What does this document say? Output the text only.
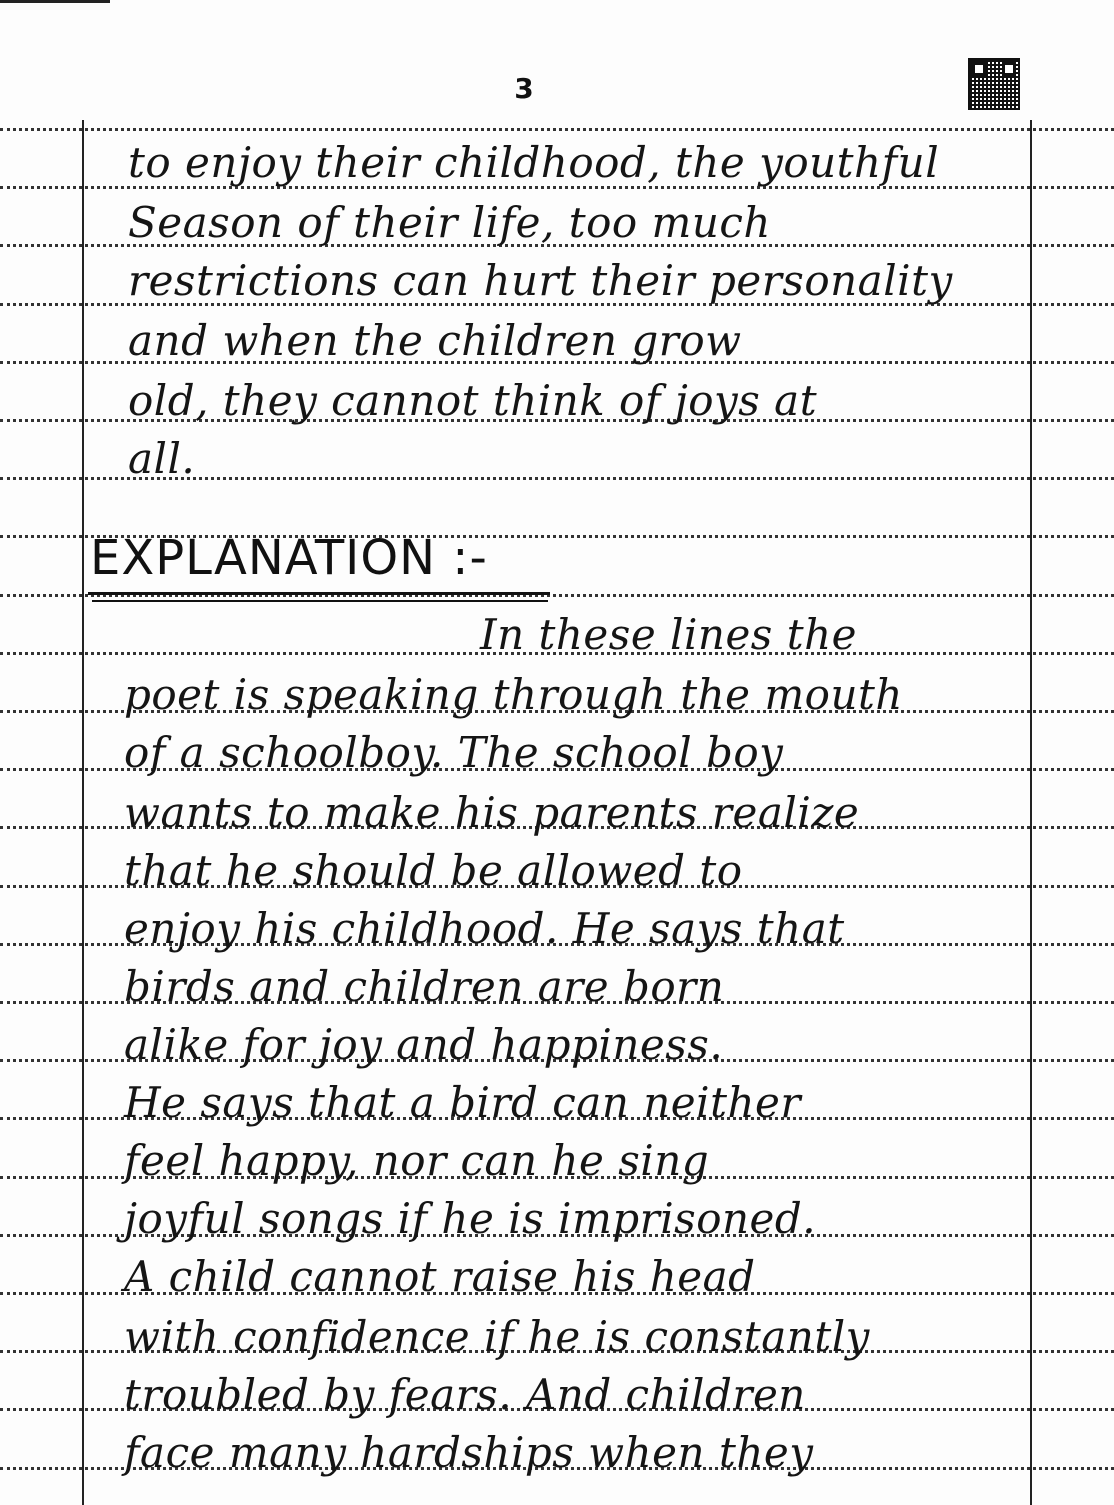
3
to enjoy their childhood, the youthful
Season of their life, too much
restrictions can hurt their personality
and when the children grow
old, they cannot think of joys at
all.
EXPLANATION :-
In these lines the
poet is speaking through the mouth
of a schoolboy. The school boy
wants to make his parents realize
that he should be allowed to
enjoy his childhood. He says that
birds and children are born
alike for joy and happiness.
He says that a bird can neither
feel happy, nor can he sing
joyful songs if he is imprisoned.
A child cannot raise his head
with confidence if he is constantly
troubled by fears. And children
face many hardships when they
